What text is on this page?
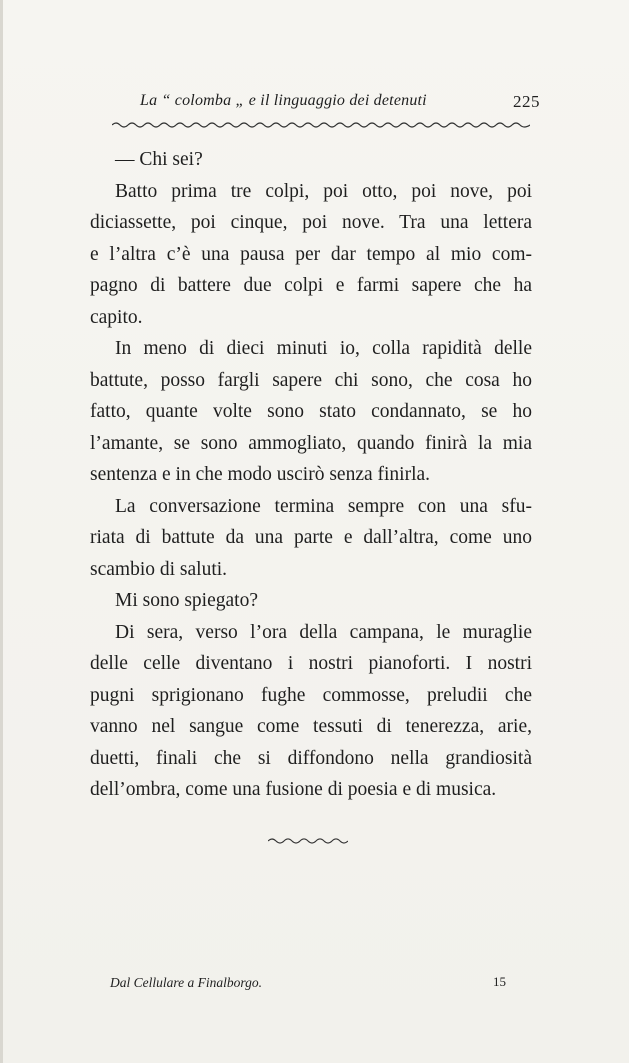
La “ colomba „ e il linguaggio dei detenuti	225
— Chi sei?
Batto prima tre colpi, poi otto, poi nove, poi
diciassette, poi cinque, poi nove. Tra una lettera
e l’altra c’è una pausa per dar tempo al mio com-
pagno di battere due colpi e farmi sapere che ha
capito.
In meno di dieci minuti io, colla rapidità delle
battute, posso fargli sapere chi sono, che cosa ho
fatto, quante volte sono stato condannato, se ho
l’amante, se sono ammogliato, quando finirà la mia
sentenza e in che modo uscirò senza finirla.
La conversazione termina sempre con una sfu-
riata di battute da una parte e dall’altra, come uno
scambio di saluti.
Mi sono spiegato?
Di sera, verso l’ora della campana, le muraglie
delle celle diventano i nostri pianoforti. I nostri
pugni sprigionano fughe commosse, preludii che
vanno nel sangue come tessuti di tenerezza, arie,
duetti, finali che si diffondono nella grandiosità
dell’ombra, come una fusione di poesia e di musica.
Dal Cellulare a Finalborgo.	15
